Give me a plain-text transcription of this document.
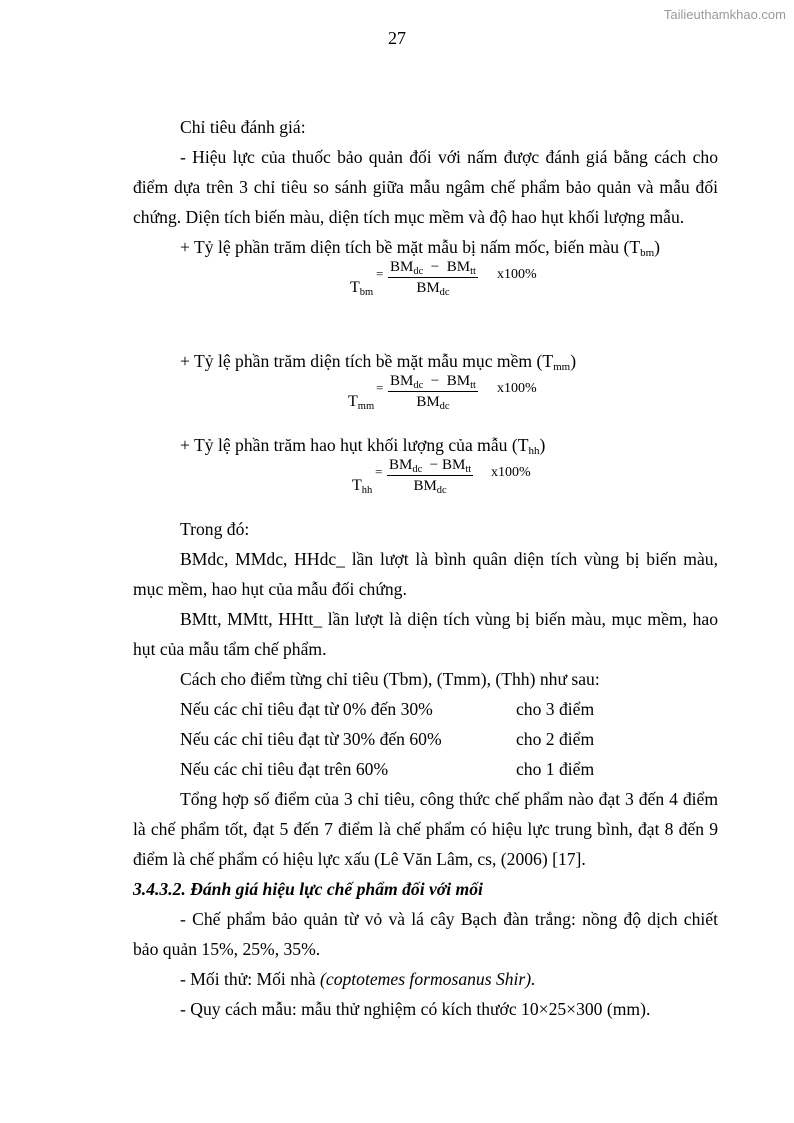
Tailieuthamkhao.com
27

Chỉ tiêu đánh giá:

- Hiệu lực của thuốc bảo quản đối với nấm được đánh giá bằng cách cho điểm dựa trên 3 chỉ tiêu so sánh giữa mẫu ngâm chế phẩm bảo quản và mẫu đối chứng. Diện tích biến màu, diện tích mục mềm và độ hao hụt khối lượng mẫu.

+ Tỷ lệ phần trăm diện tích bề mặt mẫu bị nấm mốc, biến màu $(T_{bm})$

$T_{bm}$
= $BM_{dc} - BM_{tt}$
$BM_{dc}$
x100%

+ Tỷ lệ phần trăm diện tích bề mặt mẫu mục mềm $(T_{mm})$

$T_{mm}$
= $BM_{dc} - BM_{tt}$
$BM_{dc}$
x100%

+ Tỷ lệ phần trăm hao hụt khối lượng của mẫu $(T_{hh})$

$T_{hh}$
= $BM_{dc} - BM_{tt}$
$BM_{dc}$
x100%

Trong đó:

BMdc, MMdc, HHdc_ lần lượt là bình quân diện tích vùng bị biến màu, mục mềm, hao hụt của mẫu đối chứng.

BMtt, MMtt, HHtt_ lần lượt là diện tích vùng bị biến màu, mục mềm, hao hụt của mẫu tẩm chế phẩm.

Cách cho điểm từng chỉ tiêu (Tbm), (Tmm), (Thh) như sau:

Nếu các chỉ tiêu đạt từ 0% đến 30%	cho 3 điểm
Nếu các chỉ tiêu đạt từ 30% đến 60%	cho 2 điểm
Nếu các chỉ tiêu đạt trên 60%	cho 1 điểm

Tổng hợp số điểm của 3 chỉ tiêu, công thức chế phẩm nào đạt 3 đến 4 điểm là chế phẩm tốt, đạt 5 đến 7 điểm là chế phẩm có hiệu lực trung bình, đạt 8 đến 9 điểm là chế phẩm có hiệu lực xấu (Lê Văn Lâm, cs, (2006) [17].

3.4.3.2. Đánh giá hiệu lực chế phẩm đối với mối

- Chế phẩm bảo quản từ vỏ và lá cây Bạch đàn trắng: nồng độ dịch chiết bảo quản 15%, 25%, 35%.

- Mối thử: Mối nhà (coptotemes formosanus Shir).

- Quy cách mẫu: mẫu thử nghiệm có kích thước 10×25×300 (mm).
